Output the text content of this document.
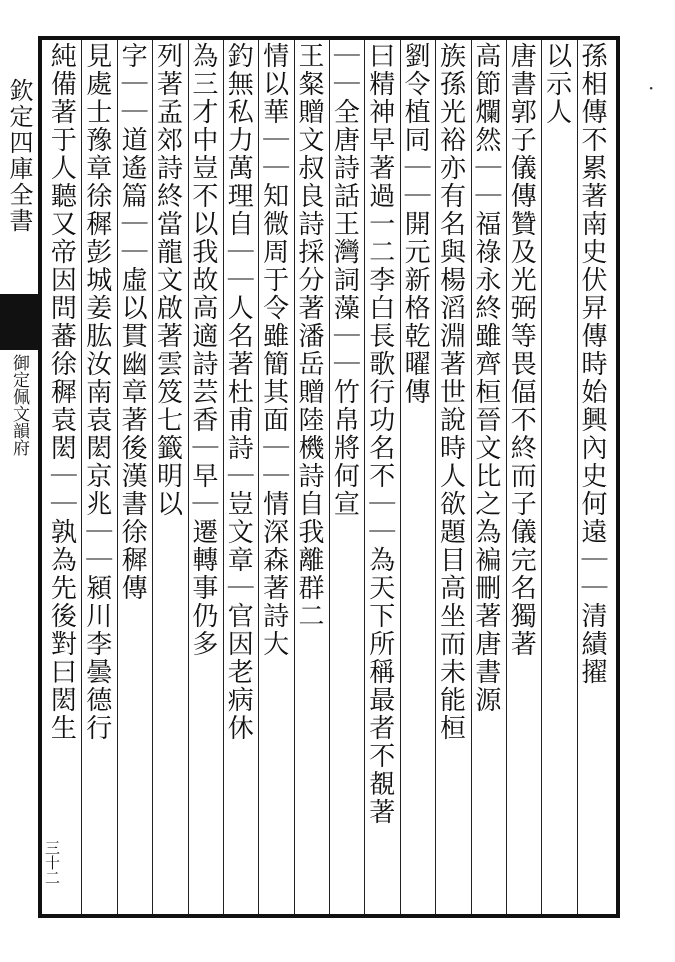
欽定四庫全書
御定佩文韻府
三十二
孫相傳不累著南史伏㫒傳時始興內史何遠｜｜清績擢
以示人
唐書郭子儀傳贊及光弼等畏偪不終而子儀完名獨著
高節爛然｜｜福祿永終雖齊桓晉文比之為褊刪著唐書源
族孫光裕亦有名與楊滔淵著世說時人欲題目高坐而未能桓
劉令植同｜｜開元新格乾曜傳
曰精神早著過一二李白長歌行功名不｜｜為天下所稱最者不覩著
｜｜全唐詩話王灣詞藻｜｜竹帛將何宣
王粲贈文叔良詩採分著潘岳贈陸機詩自我離群二
情以華｜｜知微周于令雖簡其面｜｜情深森著詩大
釣無私力萬理自｜｜人名著杜甫詩｜豈文章｜官因老病休
為三才中豈不以我故高適詩芸香｜早｜遷轉事仍多
列著孟郊詩終當龍文啟著雲笈七籤明以
字｜｜道遙篇｜｜虛以貫幽章著後漢書徐穉傳
見處士豫章徐穉彭城姜肱汝南袁閎京兆｜｜潁川李曇德行
純備著于人聽又帝因問蕃徐穉袁閎｜｜孰為先後對曰閎生	·
